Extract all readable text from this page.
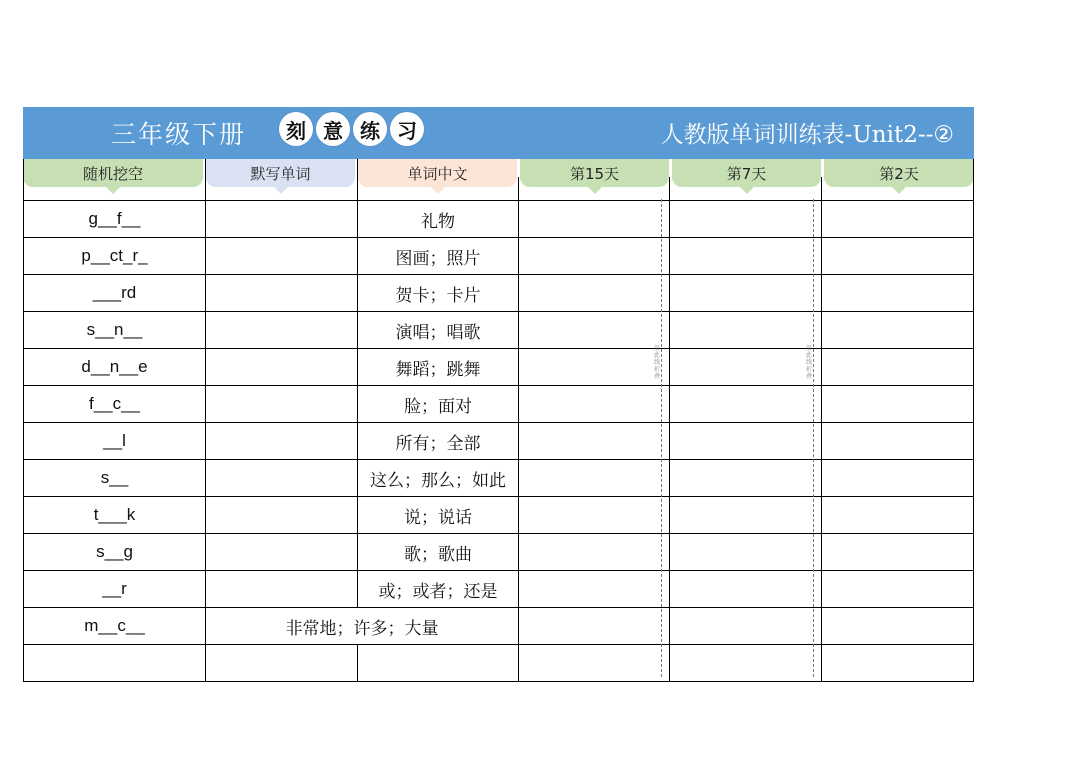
三年级下册	刻 意 练 习	人教版单词训练表-Unit2--②
随机挖空	默写单词	单词中文	第15天	第7天	第2天
g__f__		礼物			
p__ct_r_		图画；照片			
___rd		贺卡；卡片			
s__n__		演唱；唱歌			
d__n__e		舞蹈；跳舞			
f__c__		脸；面对			
__l		所有；全部			
s__		这么；那么；如此			
t___k		说；说话			
s__g		歌；歌曲			
__r		或；或者；还是			
m__c__	非常地；许多；大量				

沿此线折叠
沿此线折叠
